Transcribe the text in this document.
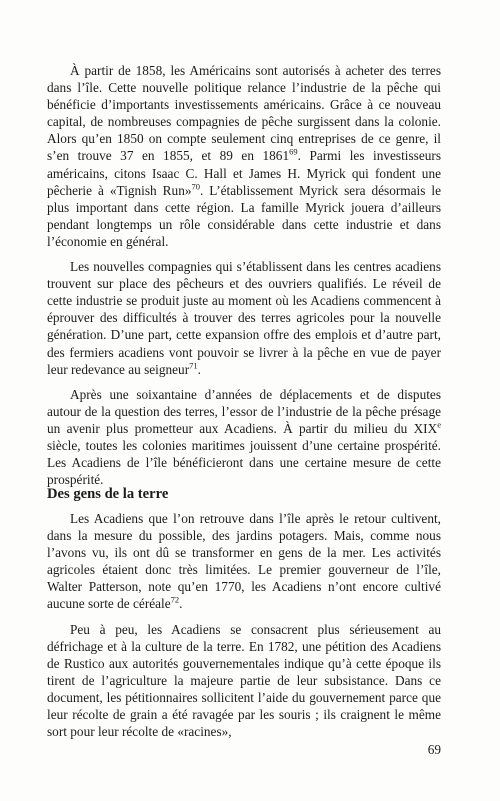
À partir de 1858, les Américains sont autorisés à acheter des terres dans l’île. Cette nouvelle politique relance l’industrie de la pêche qui bénéficie d’importants investissements américains. Grâce à ce nouveau capital, de nombreuses compagnies de pêche surgissent dans la colonie. Alors qu’en 1850 on compte seulement cinq entreprises de ce genre, il s’en trouve 37 en 1855, et 89 en 1861$^{69}$. Parmi les investisseurs américains, citons Isaac C. Hall et James H. Myrick qui fondent une pêcherie à «Tignish Run»$^{70}$. L’établissement Myrick sera désormais le plus important dans cette région. La famille Myrick jouera d’ailleurs pendant longtemps un rôle considérable dans cette industrie et dans l’économie en général.

Les nouvelles compagnies qui s’établissent dans les centres acadiens trouvent sur place des pêcheurs et des ouvriers qualifiés. Le réveil de cette industrie se produit juste au moment où les Acadiens commencent à éprouver des difficultés à trouver des terres agricoles pour la nouvelle génération. D’une part, cette expansion offre des emplois et d’autre part, des fermiers acadiens vont pouvoir se livrer à la pêche en vue de payer leur redevance au seigneur$^{71}$.

Après une soixantaine d’années de déplacements et de disputes autour de la question des terres, l’essor de l’industrie de la pêche présage un avenir plus prometteur aux Acadiens. À partir du milieu du XIXe siècle, toutes les colonies maritimes jouissent d’une certaine prospérité. Les Acadiens de l’île bénéficieront dans une certaine mesure de cette prospérité.

Des gens de la terre

Les Acadiens que l’on retrouve dans l’île après le retour cultivent, dans la mesure du possible, des jardins potagers. Mais, comme nous l’avons vu, ils ont dû se transformer en gens de la mer. Les activités agricoles étaient donc très limitées. Le premier gouverneur de l’île, Walter Patterson, note qu’en 1770, les Acadiens n’ont encore cultivé aucune sorte de céréale$^{72}$.

Peu à peu, les Acadiens se consacrent plus sérieusement au défrichage et à la culture de la terre. En 1782, une pétition des Acadiens de Rustico aux autorités gouvernementales indique qu’à cette époque ils tirent de l’agriculture la majeure partie de leur subsistance. Dans ce document, les pétitionnaires sollicitent l’aide du gouvernement parce que leur récolte de grain a été ravagée par les souris ; ils craignent le même sort pour leur récolte de «racines»,

69
